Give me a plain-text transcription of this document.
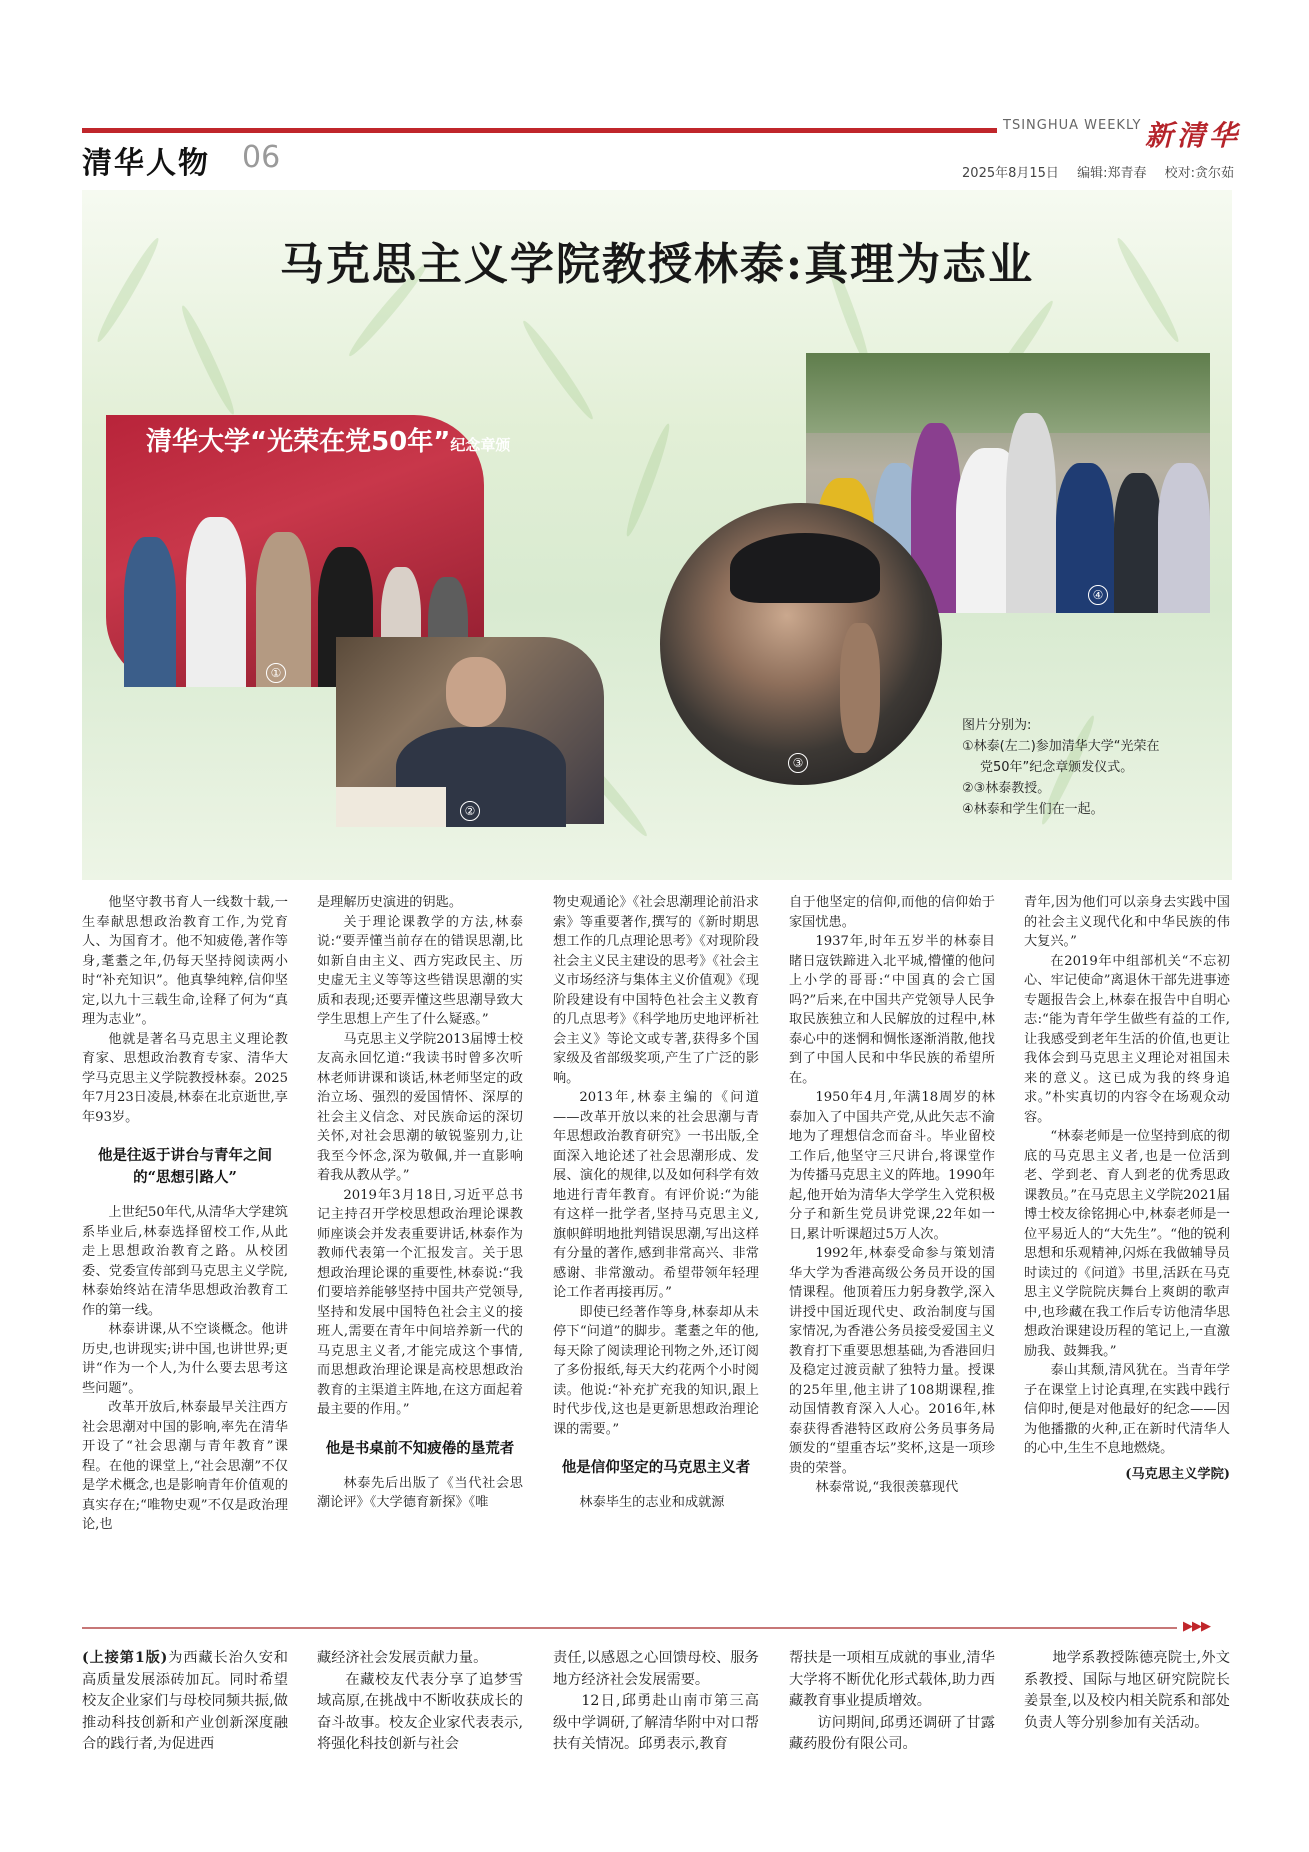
清华人物 06
TSINGHUA WEEKLY 新清华
2025年8月15日 编辑:郑青春 校对:贪尔茹
马克思主义学院教授林泰:真理为志业
清华大学“光荣在党50年”纪念章颁
①
②
④
③
图片分别为:
①林泰(左二)参加清华大学“光荣在
党50年”纪念章颁发仪式。
②③林泰教授。
④林泰和学生们在一起。

他坚守教书育人一线数十载,一生奉献思想政治教育工作,为党育人、为国育才。他不知疲倦,著作等身,耄耋之年,仍每天坚持阅读两小时“补充知识”。他真挚纯粹,信仰坚定,以九十三载生命,诠释了何为“真理为志业”。

他就是著名马克思主义理论教育家、思想政治教育专家、清华大学马克思主义学院教授林泰。2025年7月23日凌晨,林泰在北京逝世,享年93岁。

他是往返于讲台与青年之间的“思想引路人”

上世纪50年代,从清华大学建筑系毕业后,林泰选择留校工作,从此走上思想政治教育之路。从校团委、党委宣传部到马克思主义学院,林泰始终站在清华思想政治教育工作的第一线。

林泰讲课,从不空谈概念。他讲历史,也讲现实;讲中国,也讲世界;更讲“作为一个人,为什么要去思考这些问题”。

改革开放后,林泰最早关注西方社会思潮对中国的影响,率先在清华开设了“社会思潮与青年教育”课程。在他的课堂上,“社会思潮”不仅是学术概念,也是影响青年价值观的真实存在;“唯物史观”不仅是政治理论,也

是理解历史演进的钥匙。

关于理论课教学的方法,林泰说:“要弄懂当前存在的错误思潮,比如新自由主义、西方宪政民主、历史虚无主义等等这些错误思潮的实质和表现;还要弄懂这些思潮导致大学生思想上产生了什么疑惑。”

马克思主义学院2013届博士校友高永回忆道:“我读书时曾多次听林老师讲课和谈话,林老师坚定的政治立场、强烈的爱国情怀、深厚的社会主义信念、对民族命运的深切关怀,对社会思潮的敏锐鉴别力,让我至今怀念,深为敬佩,并一直影响着我从教从学。”

2019年3月18日,习近平总书记主持召开学校思想政治理论课教师座谈会并发表重要讲话,林泰作为教师代表第一个汇报发言。关于思想政治理论课的重要性,林泰说:“我们要培养能够坚持中国共产党领导,坚持和发展中国特色社会主义的接班人,需要在青年中间培养新一代的马克思主义者,才能完成这个事情,而思想政治理论课是高校思想政治教育的主渠道主阵地,在这方面起着最主要的作用。”

他是书桌前不知疲倦的垦荒者

林泰先后出版了《当代社会思潮论评》《大学德育新探》《唯

物史观通论》《社会思潮理论前沿求索》等重要著作,撰写的《新时期思想工作的几点理论思考》《对现阶段社会主义民主建设的思考》《社会主义市场经济与集体主义价值观》《现阶段建设有中国特色社会主义教育的几点思考》《科学地历史地评析社会主义》等论文或专著,获得多个国家级及省部级奖项,产生了广泛的影响。

2013年,林泰主编的《问道——改革开放以来的社会思潮与青年思想政治教育研究》一书出版,全面深入地论述了社会思潮形成、发展、演化的规律,以及如何科学有效地进行青年教育。有评价说:“为能有这样一批学者,坚持马克思主义,旗帜鲜明地批判错误思潮,写出这样有分量的著作,感到非常高兴、非常感谢、非常激动。希望带领年轻理论工作者再接再厉。”

即使已经著作等身,林泰却从未停下“问道”的脚步。耄耋之年的他,每天除了阅读理论刊物之外,还订阅了多份报纸,每天大约花两个小时阅读。他说:“补充扩充我的知识,跟上时代步伐,这也是更新思想政治理论课的需要。”

他是信仰坚定的马克思主义者

林泰毕生的志业和成就源

自于他坚定的信仰,而他的信仰始于家国忧患。

1937年,时年五岁半的林泰目睹日寇铁蹄进入北平城,懵懂的他问上小学的哥哥:“中国真的会亡国吗?”后来,在中国共产党领导人民争取民族独立和人民解放的过程中,林泰心中的迷惘和惆怅逐渐消散,他找到了中国人民和中华民族的希望所在。

1950年4月,年满18周岁的林泰加入了中国共产党,从此矢志不渝地为了理想信念而奋斗。毕业留校工作后,他坚守三尺讲台,将课堂作为传播马克思主义的阵地。1990年起,他开始为清华大学学生入党积极分子和新生党员讲党课,22年如一日,累计听课超过5万人次。

1992年,林泰受命参与策划清华大学为香港高级公务员开设的国情课程。他顶着压力躬身教学,深入讲授中国近现代史、政治制度与国家情况,为香港公务员接受爱国主义教育打下重要思想基础,为香港回归及稳定过渡贡献了独特力量。授课的25年里,他主讲了108期课程,推动国情教育深入人心。2016年,林泰获得香港特区政府公务员事务局颁发的“望重杏坛”奖杯,这是一项珍贵的荣誉。

林泰常说,“我很羡慕现代

青年,因为他们可以亲身去实践中国的社会主义现代化和中华民族的伟大复兴。”

在2019年中组部机关“不忘初心、牢记使命”离退休干部先进事迹专题报告会上,林泰在报告中自明心志:“能为青年学生做些有益的工作,让我感受到老年生活的价值,也更让我体会到马克思主义理论对祖国未来的意义。这已成为我的终身追求。”朴实真切的内容令在场观众动容。

“林泰老师是一位坚持到底的彻底的马克思主义者,也是一位活到老、学到老、育人到老的优秀思政课教员。”在马克思主义学院2021届博士校友徐铭拥心中,林泰老师是一位平易近人的“大先生”。“他的锐利思想和乐观精神,闪烁在我做辅导员时读过的《问道》书里,活跃在马克思主义学院院庆舞台上爽朗的歌声中,也珍藏在我工作后专访他清华思想政治课建设历程的笔记上,一直激励我、鼓舞我。”

泰山其颓,清风犹在。当青年学子在课堂上讨论真理,在实践中践行信仰时,便是对他最好的纪念——因为他播撒的火种,正在新时代清华人的心中,生生不息地燃烧。

(马克思主义学院)

▶▶▶

(上接第1版)为西藏长治久安和高质量发展添砖加瓦。同时希望校友企业家们与母校同频共振,做推动科技创新和产业创新深度融合的践行者,为促进西

藏经济社会发展贡献力量。

在藏校友代表分享了追梦雪域高原,在挑战中不断收获成长的奋斗故事。校友企业家代表表示,将强化科技创新与社会

责任,以感恩之心回馈母校、服务地方经济社会发展需要。

12日,邱勇赴山南市第三高级中学调研,了解清华附中对口帮扶有关情况。邱勇表示,教育

帮扶是一项相互成就的事业,清华大学将不断优化形式载体,助力西藏教育事业提质增效。

访问期间,邱勇还调研了甘露藏药股份有限公司。

地学系教授陈德亮院士,外文系教授、国际与地区研究院院长姜景奎,以及校内相关院系和部处负责人等分别参加有关活动。
